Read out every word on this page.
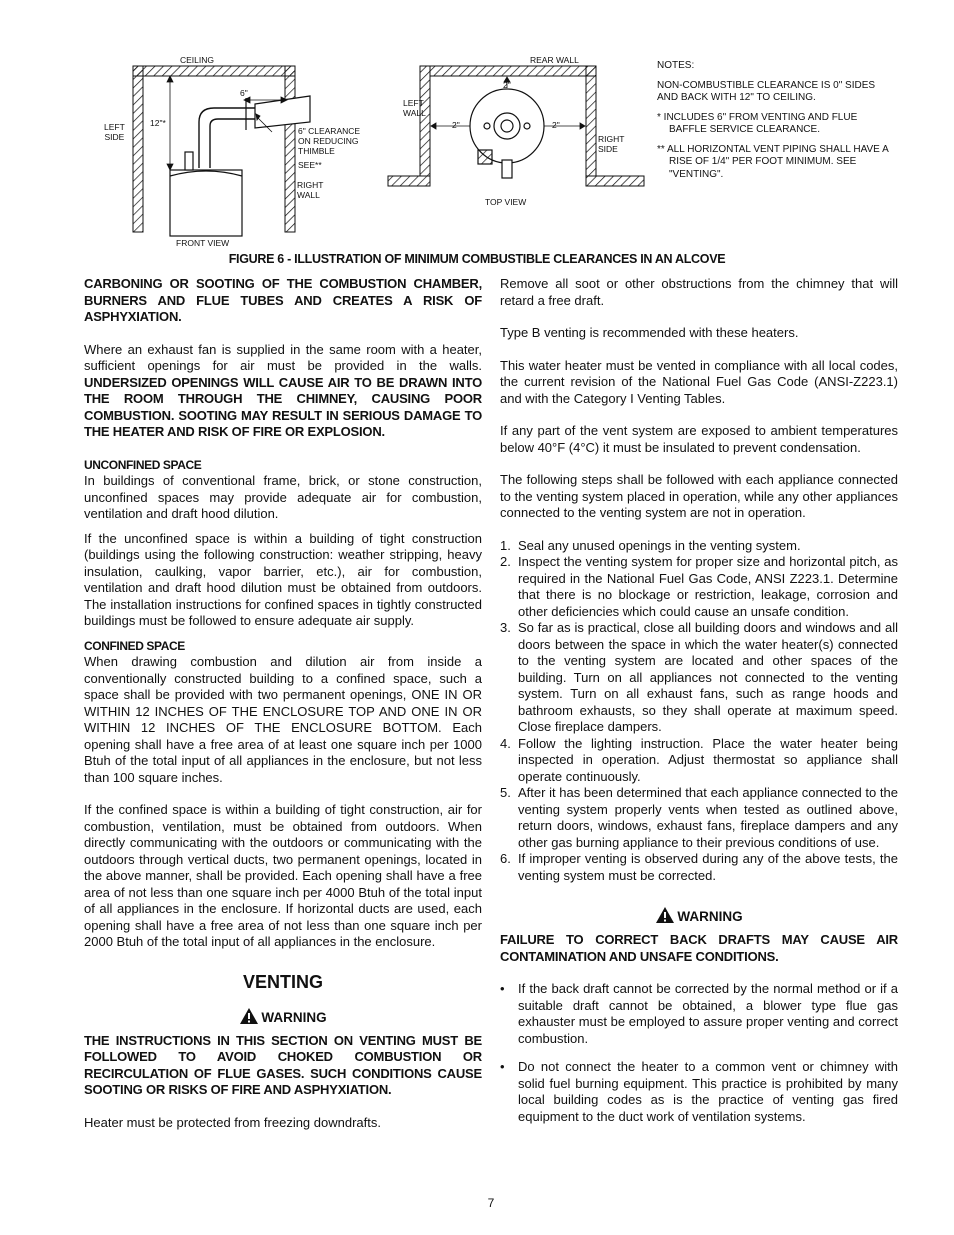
CEILING
6"
LEFT
SIDE
12"*
6" CLEARANCE
ON REDUCING
THIMBLE
SEE**
RIGHT
WALL
FRONT VIEW
REAR WALL
2"
LEFT
WALL
2"	2"
RIGHT
SIDE
TOP VIEW

NOTES:

NON-COMBUSTIBLE CLEARANCE IS 0" SIDES AND BACK WITH 12" TO CEILING.

* INCLUDES 6" FROM VENTING AND FLUE BAFFLE SERVICE CLEARANCE.

** ALL HORIZONTAL VENT PIPING SHALL HAVE A RISE OF 1/4" PER FOOT MINIMUM. SEE "VENTING".

FIGURE 6 - ILLUSTRATION OF MINIMUM COMBUSTIBLE CLEARANCES IN AN ALCOVE

CARBONING OR SOOTING OF THE COMBUSTION CHAMBER, BURNERS AND FLUE TUBES AND CREATES A RISK OF ASPHYXIATION.

Where an exhaust fan is supplied in the same room with a heater, sufficient openings for air must be provided in the walls. UNDERSIZED OPENINGS WILL CAUSE AIR TO BE DRAWN INTO THE ROOM THROUGH THE CHIMNEY, CAUSING POOR COMBUSTION. SOOTING MAY RESULT IN SERIOUS DAMAGE TO THE HEATER AND RISK OF FIRE OR EXPLOSION.

UNCONFINED SPACE

In buildings of conventional frame, brick, or stone construction, unconfined spaces may provide adequate air for combustion, ventilation and draft hood dilution.

If the unconfined space is within a building of tight construction (buildings using the following construction: weather stripping, heavy insulation, caulking, vapor barrier, etc.), air for combustion, ventilation and draft hood dilution must be obtained from outdoors. The installation instructions for confined spaces in tightly constructed buildings must be followed to ensure adequate air supply.

CONFINED SPACE

When drawing combustion and dilution air from inside a conventionally constructed building to a confined space, such a space shall be provided with two permanent openings, ONE IN OR WITHIN 12 INCHES OF THE ENCLOSURE TOP AND ONE IN OR WITHIN 12 INCHES OF THE ENCLOSURE BOTTOM. Each opening shall have a free area of at least one square inch per 1000 Btuh of the total input of all appliances in the enclosure, but not less than 100 square inches.

If the confined space is within a building of tight construction, air for combustion, ventilation, must be obtained from outdoors. When directly communicating with the outdoors or communicating with the outdoors through vertical ducts, two permanent openings, located in the above manner, shall be provided. Each opening shall have a free area of not less than one square inch per 4000 Btuh of the total input of all appliances in the enclosure. If horizontal ducts are used, each opening shall have a free area of not less than one square inch per 2000 Btuh of the total input of all appliances in the enclosure.

VENTING
WARNING

THE INSTRUCTIONS IN THIS SECTION ON VENTING MUST BE FOLLOWED TO AVOID CHOKED COMBUSTION OR RECIRCULATION OF FLUE GASES. SUCH CONDITIONS CAUSE SOOTING OR RISKS OF FIRE AND ASPHYXIATION.

Heater must be protected from freezing downdrafts.

Remove all soot or other obstructions from the chimney that will retard a free draft.

Type B venting is recommended with these heaters.

This water heater must be vented in compliance with all local codes, the current revision of the National Fuel Gas Code (ANSI-Z223.1) and with the Category I Venting Tables.

If any part of the vent system are exposed to ambient temperatures below 40°F (4°C) it must be insulated to prevent condensation.

The following steps shall be followed with each appliance connected to the venting system placed in operation, while any other appliances connected to the venting system are not in operation.

1. Seal any unused openings in the venting system.
2. Inspect the venting system for proper size and horizontal pitch, as required in the National Fuel Gas Code, ANSI Z223.1. Determine that there is no blockage or restriction, leakage, corrosion and other deficiencies which could cause an unsafe condition.
3. So far as is practical, close all building doors and windows and all doors between the space in which the water heater(s) connected to the venting system are located and other spaces of the building. Turn on all appliances not connected to the venting system. Turn on all exhaust fans, such as range hoods and bathroom exhausts, so they shall operate at maximum speed. Close fireplace dampers.
4. Follow the lighting instruction. Place the water heater being inspected in operation. Adjust thermostat so appliance shall operate continuously.
5. After it has been determined that each appliance connected to the venting system properly vents when tested as outlined above, return doors, windows, exhaust fans, fireplace dampers and any other gas burning appliance to their previous conditions of use.
6. If improper venting is observed during any of the above tests, the venting system must be corrected.
WARNING

FAILURE TO CORRECT BACK DRAFTS MAY CAUSE AIR CONTAMINATION AND UNSAFE CONDITIONS.

• If the back draft cannot be corrected by the normal method or if a suitable draft cannot be obtained, a blower type flue gas exhauster must be employed to assure proper venting and correct combustion.
• Do not connect the heater to a common vent or chimney with solid fuel burning equipment. This practice is prohibited by many local building codes as is the practice of venting gas fired equipment to the duct work of ventilation systems.
7
